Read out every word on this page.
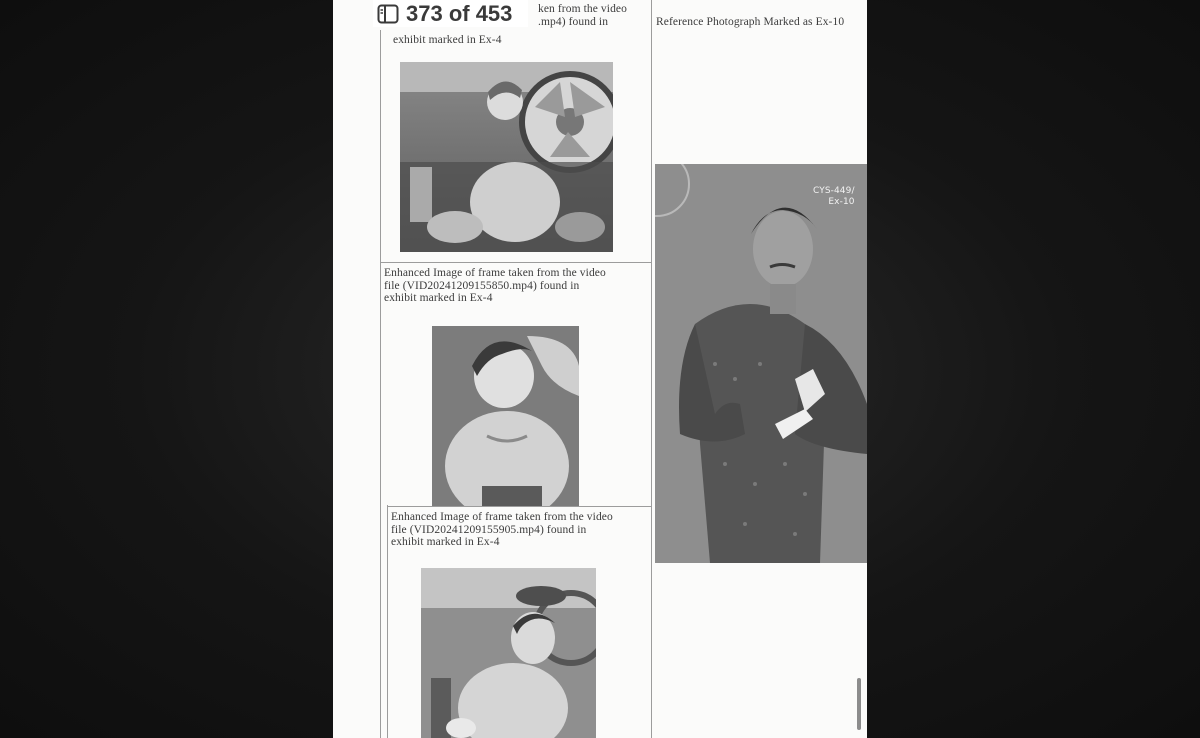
373 of 453 ken from the video
.mp4) found in
exhibit marked in Ex-4
Reference Photograph Marked as Ex-10
Enhanced Image of frame taken from the video
file (VID20241209155850.mp4) found in
exhibit marked in Ex-4
Enhanced Image of frame taken from the video
file (VID20241209155905.mp4) found in
exhibit marked in Ex-4
CYS-449/
Ex-10
